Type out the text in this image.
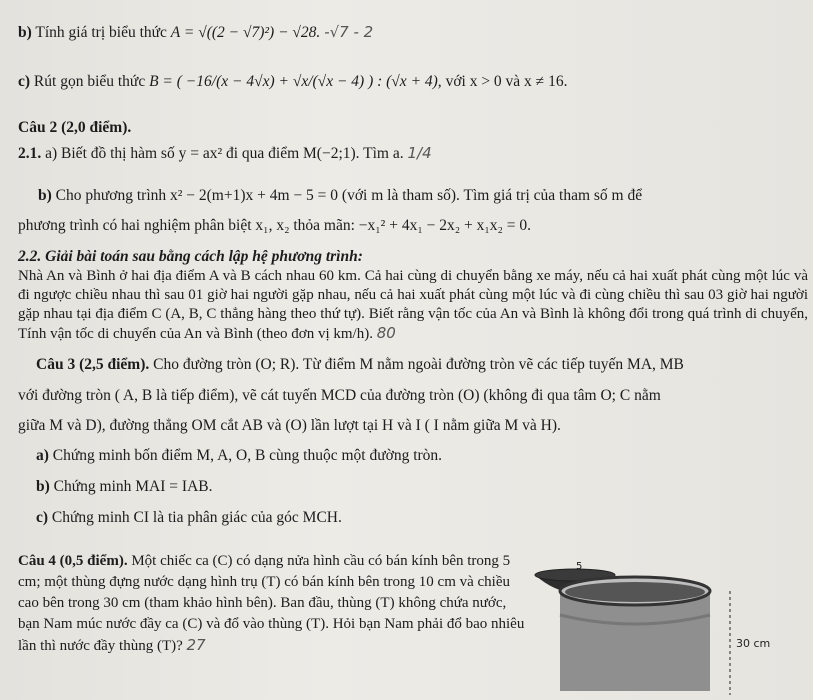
b) Tính giá trị biểu thức A = √((2 − √7)²) − √28. -√7 - 2
c) Rút gọn biểu thức B = ( −16/(x − 4√x) + √x/(√x − 4) ) : (√x + 4), với x > 0 và x ≠ 16.
Câu 2 (2,0 điểm).
2.1. a) Biết đồ thị hàm số y = ax² đi qua điểm M(−2;1). Tìm a. 1/4
b) Cho phương trình x² − 2(m+1)x + 4m − 5 = 0 (với m là tham số). Tìm giá trị của tham số m để
phương trình có hai nghiệm phân biệt x₁, x₂ thỏa mãn: −x₁² + 4x₁ − 2x₂ + x₁x₂ = 0.
2.2. Giải bài toán sau bằng cách lập hệ phương trình:
Nhà An và Bình ở hai địa điểm A và B cách nhau 60 km. Cả hai cùng di chuyển bằng xe máy, nếu cả hai xuất phát cùng một lúc và đi ngược chiều nhau thì sau 01 giờ hai người gặp nhau, nếu cả hai xuất phát cùng một lúc và đi cùng chiều thì sau 03 giờ hai người gặp nhau tại địa điểm C (A, B, C thẳng hàng theo thứ tự). Biết rằng vận tốc của An và Bình là không đổi trong quá trình di chuyển, Tính vận tốc di chuyển của An và Bình (theo đơn vị km/h). 80
Câu 3 (2,5 điểm). Cho đường tròn (O; R). Từ điểm M nằm ngoài đường tròn vẽ các tiếp tuyến MA, MB
với đường tròn ( A, B là tiếp điểm), vẽ cát tuyến MCD của đường tròn (O) (không đi qua tâm O; C nằm
giữa M và D), đường thẳng OM cắt AB và (O) lần lượt tại H và I ( I nằm giữa M và H).
a) Chứng minh bốn điểm M, A, O, B cùng thuộc một đường tròn.
b) Chứng minh MAI = IAB.
c) Chứng minh CI là tia phân giác của góc MCH.
Câu 4 (0,5 điểm). Một chiếc ca (C) có dạng nửa hình cầu có bán kính bên trong 5 cm; một thùng đựng nước dạng hình trụ (T) có bán kính bên trong 10 cm và chiều cao bên trong 30 cm (tham khảo hình bên). Ban đầu, thùng (T) không chứa nước, bạn Nam múc nước đầy ca (C) và đổ vào thùng (T). Hỏi bạn Nam phải đổ bao nhiêu lần thì nước đầy thùng (T)? 27
5
30 cm
